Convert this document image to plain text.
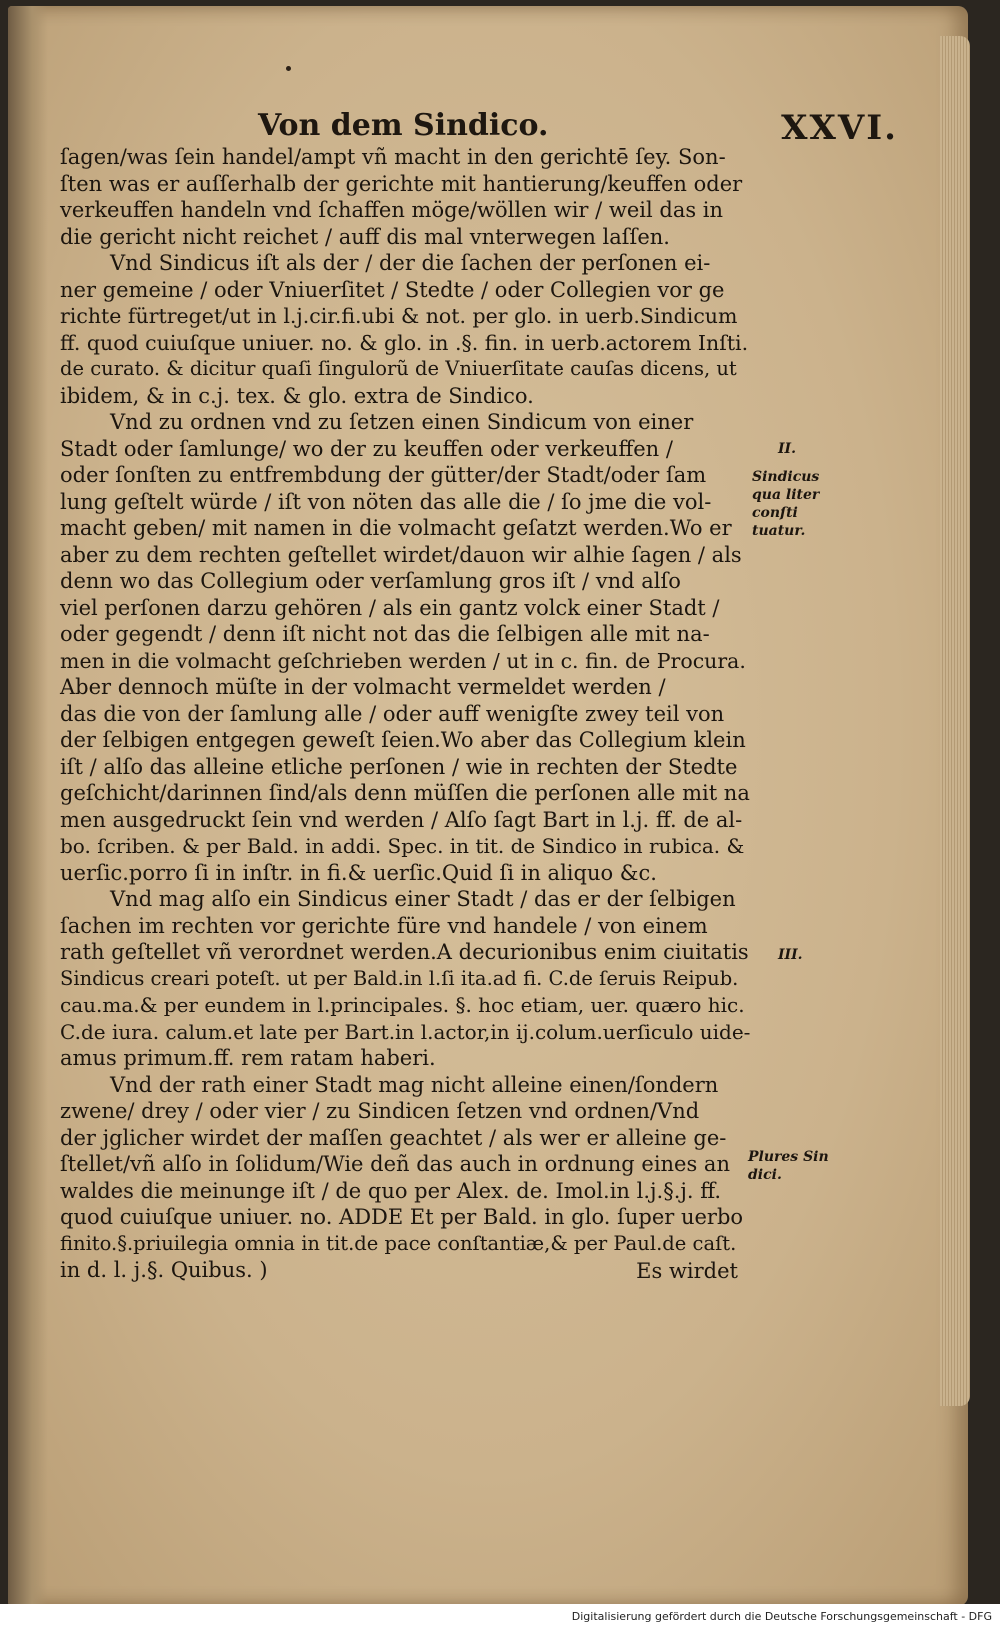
Von dem Sindico.	XXVI.
ſagen/was ſein handel/ampt vñ macht in den gerichtē ſey. Son-
ſten was er auſſerhalb der gerichte mit hantierung/keuffen oder
verkeuffen handeln vnd ſchaffen möge/wöllen wir / weil das in
die gericht nicht reichet / auff dis mal vnterwegen laſſen.
Vnd Sindicus iſt als der / der die ſachen der perſonen ei-
ner gemeine / oder Vniuerſitet / Stedte / oder Collegien vor ge
richte fürtreget/ut in l.j.cir.fi.ubi & not. per glo. in uerb.Sindicum
ff. quod cuiuſque uniuer. no. & glo. in .§. fin. in uerb.actorem Inſti.
de curato. & dicitur quaſi ſingulorũ de Vniuerſitate cauſas dicens, ut
ibidem, & in c.j. tex. & glo. extra de Sindico.
Vnd zu ordnen vnd zu ſetzen einen Sindicum von einer
Stadt oder ſamlunge/ wo der zu keuffen oder verkeuffen /
oder ſonſten zu entfrembdung der gütter/der Stadt/oder ſam
lung geſtelt würde / iſt von nöten das alle die / ſo jme die vol-
macht geben/ mit namen in die volmacht geſatzt werden.Wo er
aber zu dem rechten geſtellet wirdet/dauon wir alhie ſagen / als
denn wo das Collegium oder verſamlung gros iſt / vnd alſo
viel perſonen darzu gehören / als ein gantz volck einer Stadt /
oder gegendt / denn iſt nicht not das die ſelbigen alle mit na-
men in die volmacht geſchrieben werden / ut in c. fin. de Procura.
Aber dennoch müſte in der volmacht vermeldet werden /
das die von der ſamlung alle / oder auff wenigſte zwey teil von
der ſelbigen entgegen geweſt ſeien.Wo aber das Collegium klein
iſt / alſo das alleine etliche perſonen / wie in rechten der Stedte
geſchicht/darinnen ſind/als denn müſſen die perſonen alle mit na
men ausgedruckt ſein vnd werden / Alſo ſagt Bart in l.j. ff. de al-
bo. ſcriben. & per Bald. in addi. Spec. in tit. de Sindico in rubica. &
uerſic.porro ſi in inſtr. in fi.& uerſic.Quid ſi in aliquo &c.
Vnd mag alſo ein Sindicus einer Stadt / das er der ſelbigen
ſachen im rechten vor gerichte füre vnd handele / von einem
rath geſtellet vñ verordnet werden.A decurionibus enim ciuitatis
Sindicus creari poteſt. ut per Bald.in l.ſi ita.ad fi. C.de ſeruis Reipub.
cau.ma.& per eundem in l.principales. §. hoc etiam, uer. quæro hic.
C.de iura. calum.et late per Bart.in l.actor,in ij.colum.uerſiculo uide-
amus primum.ff. rem ratam haberi.
Vnd der rath einer Stadt mag nicht alleine einen/ſondern
zwene/ drey / oder vier / zu Sindicen ſetzen vnd ordnen/Vnd
der jglicher wirdet der maſſen geachtet / als wer er alleine ge-
ſtellet/vñ alſo in ſolidum/Wie deñ das auch in ordnung eines an
waldes die meinunge iſt / de quo per Alex. de. Imol.in l.j.§.j. ff.
quod cuiuſque uniuer. no. ADDE Et per Bald. in glo. ſuper uerbo
finito.§.priuilegia omnia in tit.de pace conſtantiæ,& per Paul.de caſt.
in d. l. j.§. Quibus. )	Es wirdet
II.
Sindicus qua liter conſti tuatur.
III.
Plures Sin dici.
Digitalisierung gefördert durch die Deutsche Forschungsgemeinschaft - DFG
